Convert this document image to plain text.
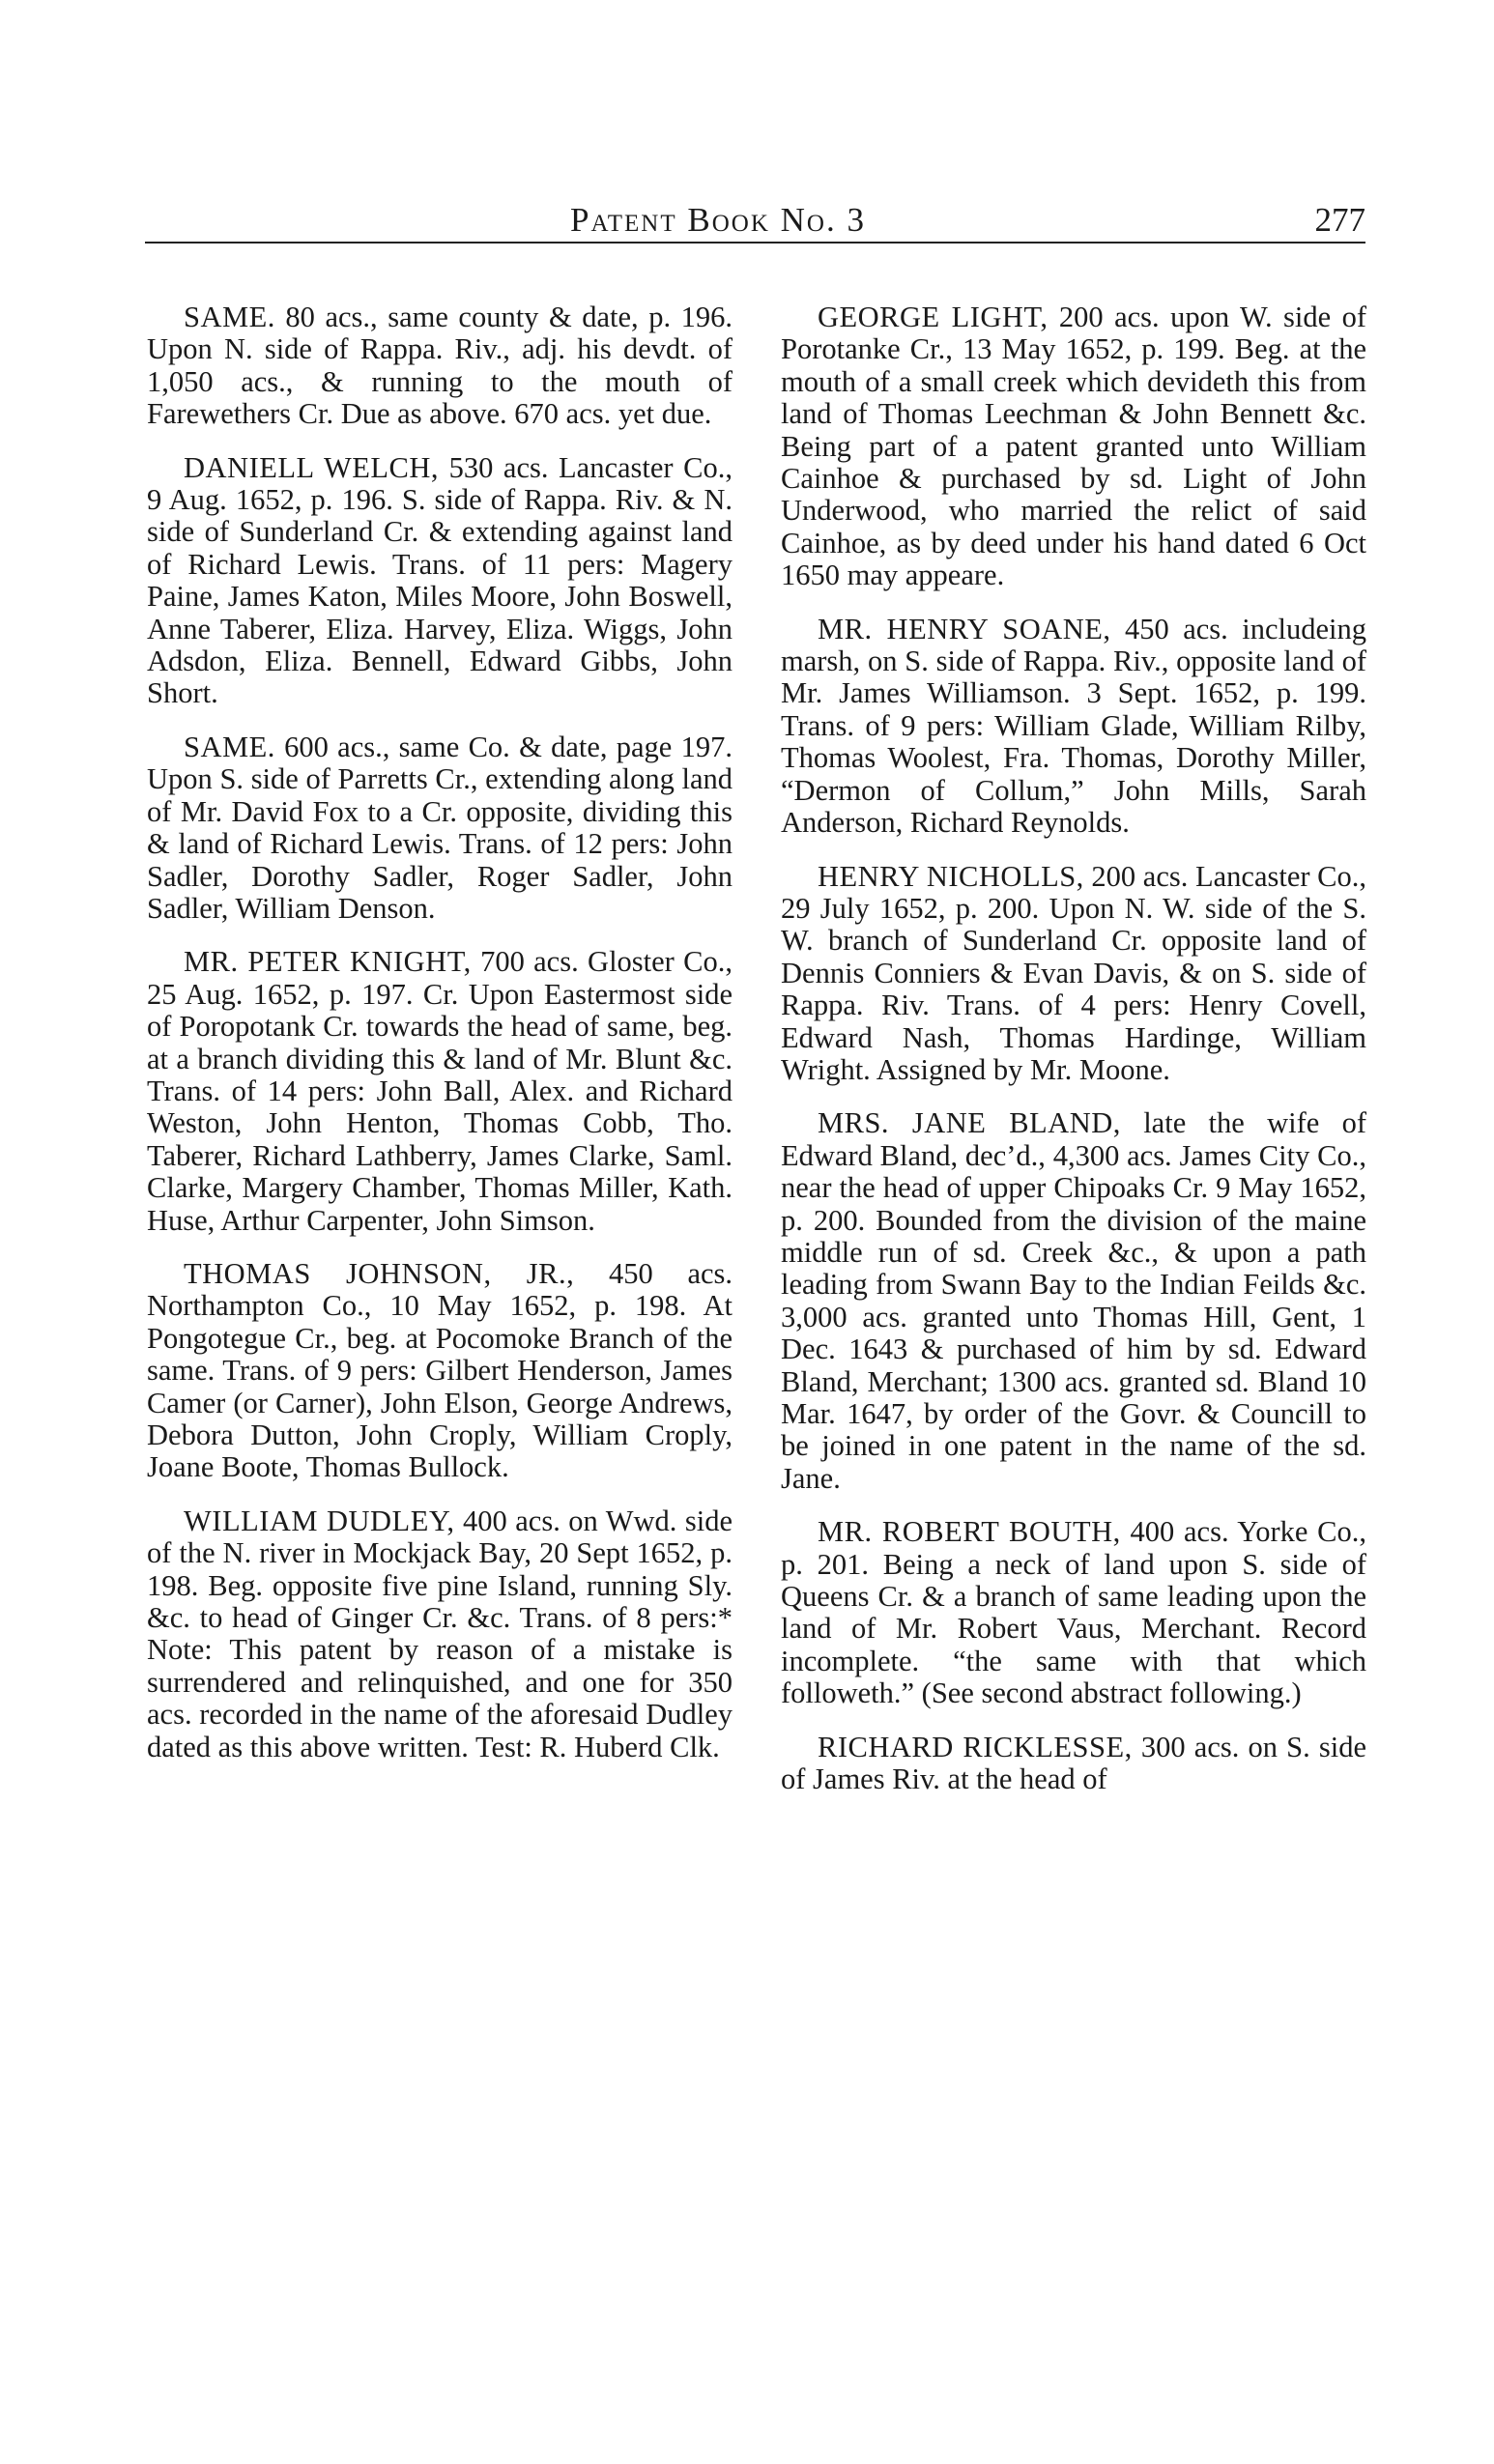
Patent Book No. 3	277

SAME. 80 acs., same county & date, p. 196. Upon N. side of Rappa. Riv., adj. his devdt. of 1,050 acs., & running to the mouth of Farewethers Cr. Due as above. 670 acs. yet due.

DANIELL WELCH, 530 acs. Lancaster Co., 9 Aug. 1652, p. 196. S. side of Rappa. Riv. & N. side of Sunderland Cr. & extending against land of Richard Lewis. Trans. of 11 pers: Magery Paine, James Katon, Miles Moore, John Boswell, Anne Taberer, Eliza. Harvey, Eliza. Wiggs, John Adsdon, Eliza. Bennell, Edward Gibbs, John Short.

SAME. 600 acs., same Co. & date, page 197. Upon S. side of Parretts Cr., extending along land of Mr. David Fox to a Cr. opposite, dividing this & land of Richard Lewis. Trans. of 12 pers: John Sadler, Dorothy Sadler, Roger Sadler, John Sadler, William Denson.

MR. PETER KNIGHT, 700 acs. Gloster Co., 25 Aug. 1652, p. 197. Cr. Upon Eastermost side of Poropotank Cr. towards the head of same, beg. at a branch dividing this & land of Mr. Blunt &c. Trans. of 14 pers: John Ball, Alex. and Richard Weston, John Henton, Thomas Cobb, Tho. Taberer, Richard Lathberry, James Clarke, Saml. Clarke, Margery Chamber, Thomas Miller, Kath. Huse, Arthur Carpenter, John Simson.

THOMAS JOHNSON, JR., 450 acs. Northampton Co., 10 May 1652, p. 198. At Pongotegue Cr., beg. at Pocomoke Branch of the same. Trans. of 9 pers: Gilbert Henderson, James Camer (or Carner), John Elson, George Andrews, Debora Dutton, John Croply, William Croply, Joane Boote, Thomas Bullock.

WILLIAM DUDLEY, 400 acs. on Wwd. side of the N. river in Mockjack Bay, 20 Sept 1652, p. 198. Beg. opposite five pine Island, running Sly. &c. to head of Ginger Cr. &c. Trans. of 8 pers:* Note: This patent by reason of a mistake is surrendered and relinquished, and one for 350 acs. recorded in the name of the aforesaid Dudley dated as this above written. Test: R. Huberd Clk.

GEORGE LIGHT, 200 acs. upon W. side of Porotanke Cr., 13 May 1652, p. 199. Beg. at the mouth of a small creek which devideth this from land of Thomas Leechman & John Bennett &c. Being part of a patent granted unto William Cainhoe & purchased by sd. Light of John Underwood, who married the relict of said Cainhoe, as by deed under his hand dated 6 Oct 1650 may appeare.

MR. HENRY SOANE, 450 acs. includeing marsh, on S. side of Rappa. Riv., opposite land of Mr. James Williamson. 3 Sept. 1652, p. 199. Trans. of 9 pers: William Glade, William Rilby, Thomas Woolest, Fra. Thomas, Dorothy Miller, “Dermon of Collum,” John Mills, Sarah Anderson, Richard Reynolds.

HENRY NICHOLLS, 200 acs. Lancaster Co., 29 July 1652, p. 200. Upon N. W. side of the S. W. branch of Sunderland Cr. opposite land of Dennis Conniers & Evan Davis, & on S. side of Rappa. Riv. Trans. of 4 pers: Henry Covell, Edward Nash, Thomas Hardinge, William Wright. Assigned by Mr. Moone.

MRS. JANE BLAND, late the wife of Edward Bland, dec’d., 4,300 acs. James City Co., near the head of upper Chipoaks Cr. 9 May 1652, p. 200. Bounded from the division of the maine middle run of sd. Creek &c., & upon a path leading from Swann Bay to the Indian Feilds &c. 3,000 acs. granted unto Thomas Hill, Gent, 1 Dec. 1643 & purchased of him by sd. Edward Bland, Merchant; 1300 acs. granted sd. Bland 10 Mar. 1647, by order of the Govr. & Councill to be joined in one patent in the name of the sd. Jane.

MR. ROBERT BOUTH, 400 acs. Yorke Co., p. 201. Being a neck of land upon S. side of Queens Cr. & a branch of same leading upon the land of Mr. Robert Vaus, Merchant. Record incomplete. “the same with that which followeth.” (See second abstract following.)

RICHARD RICKLESSE, 300 acs. on S. side of James Riv. at the head of
